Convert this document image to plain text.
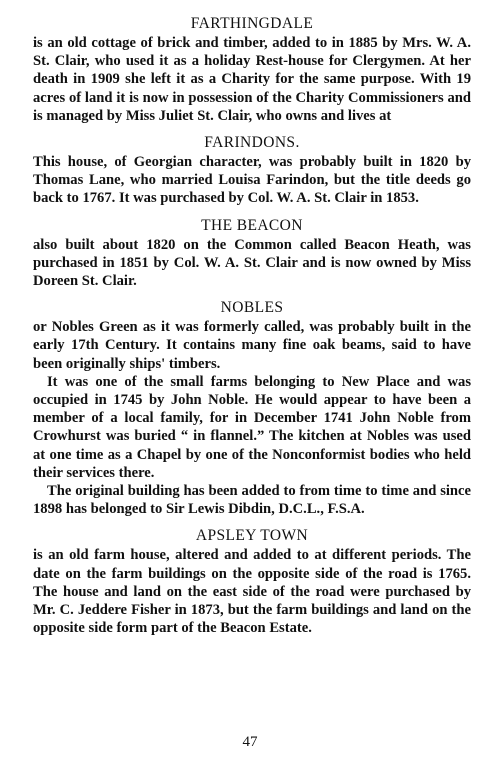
FARTHINGDALE

is an old cottage of brick and timber, added to in 1885 by Mrs. W. A. St. Clair, who used it as a holiday Rest-house for Clergymen. At her death in 1909 she left it as a Charity for the same purpose. With 19 acres of land it is now in possession of the Charity Commissioners and is managed by Miss Juliet St. Clair, who owns and lives at

FARINDONS.

This house, of Georgian character, was probably built in 1820 by Thomas Lane, who married Louisa Farindon, but the title deeds go back to 1767. It was purchased by Col. W. A. St. Clair in 1853.

THE BEACON

also built about 1820 on the Common called Beacon Heath, was purchased in 1851 by Col. W. A. St. Clair and is now owned by Miss Doreen St. Clair.

NOBLES

or Nobles Green as it was formerly called, was probably built in the early 17th Century. It contains many fine oak beams, said to have been originally ships' timbers.

It was one of the small farms belonging to New Place and was occupied in 1745 by John Noble. He would appear to have been a member of a local family, for in December 1741 John Noble from Crowhurst was buried “ in flannel.” The kitchen at Nobles was used at one time as a Chapel by one of the Nonconformist bodies who held their services there.

The original building has been added to from time to time and since 1898 has belonged to Sir Lewis Dibdin, D.C.L., F.S.A.

APSLEY TOWN

is an old farm house, altered and added to at different periods. The date on the farm buildings on the opposite side of the road is 1765. The house and land on the east side of the road were purchased by Mr. C. Jeddere Fisher in 1873, but the farm buildings and land on the opposite side form part of the Beacon Estate.

47
